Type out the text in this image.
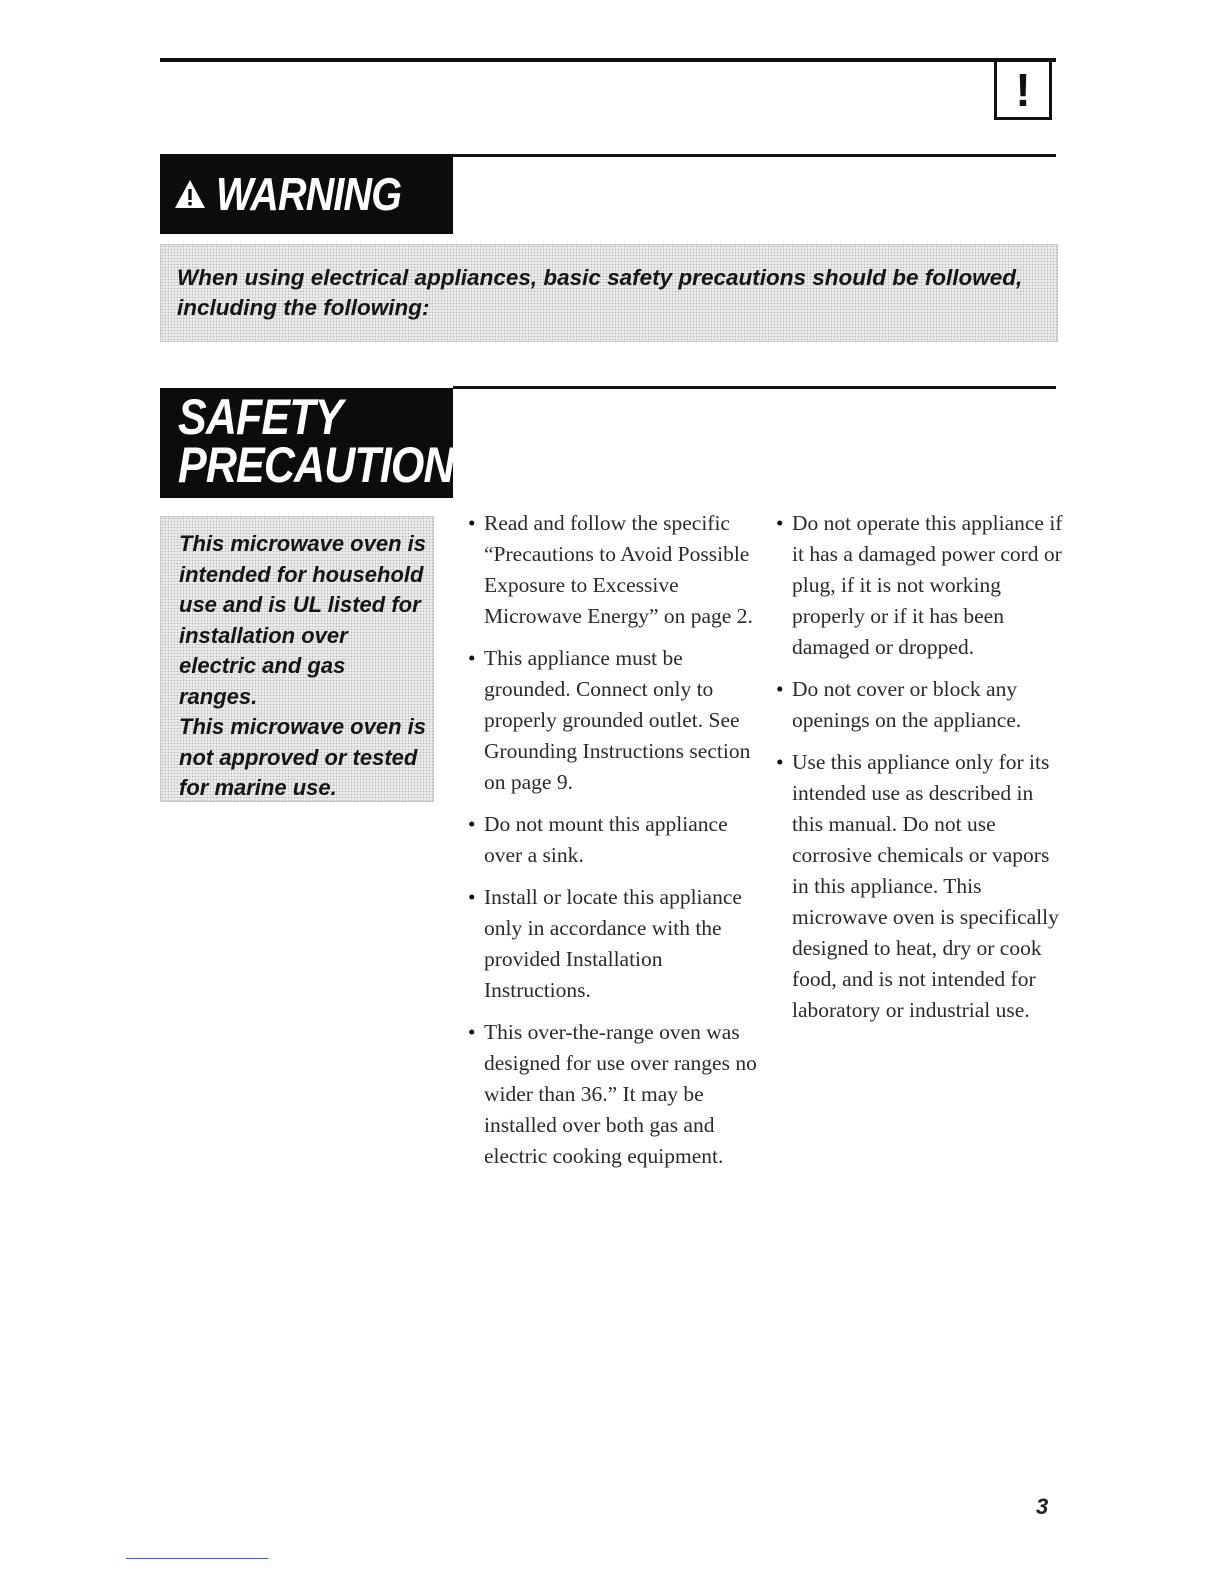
!
WARNING
When using electrical appliances, basic safety precautions should be followed, including the following:
SAFETY
PRECAUTIONS

This microwave oven is intended for household use and is UL listed for installation over electric and gas ranges.

This microwave oven is not approved or tested for marine use.

• Read and follow the specific “Precautions to Avoid Possible Exposure to Excessive Microwave Energy” on page 2.
• This appliance must be grounded. Connect only to properly grounded outlet. See Grounding Instructions section on page 9.
• Do not mount this appliance over a sink.
• Install or locate this appliance only in accordance with the provided Installation Instructions.
• This over-the-range oven was designed for use over ranges no wider than 36.” It may be installed over both gas and electric cooking equipment.
• Do not operate this appliance if it has a damaged power cord or plug, if it is not working properly or if it has been damaged or dropped.
• Do not cover or block any openings on the appliance.
• Use this appliance only for its intended use as described in this manual. Do not use corrosive chemicals or vapors in this appliance. This microwave oven is specifically designed to heat, dry or cook food, and is not intended for laboratory or industrial use.
3
